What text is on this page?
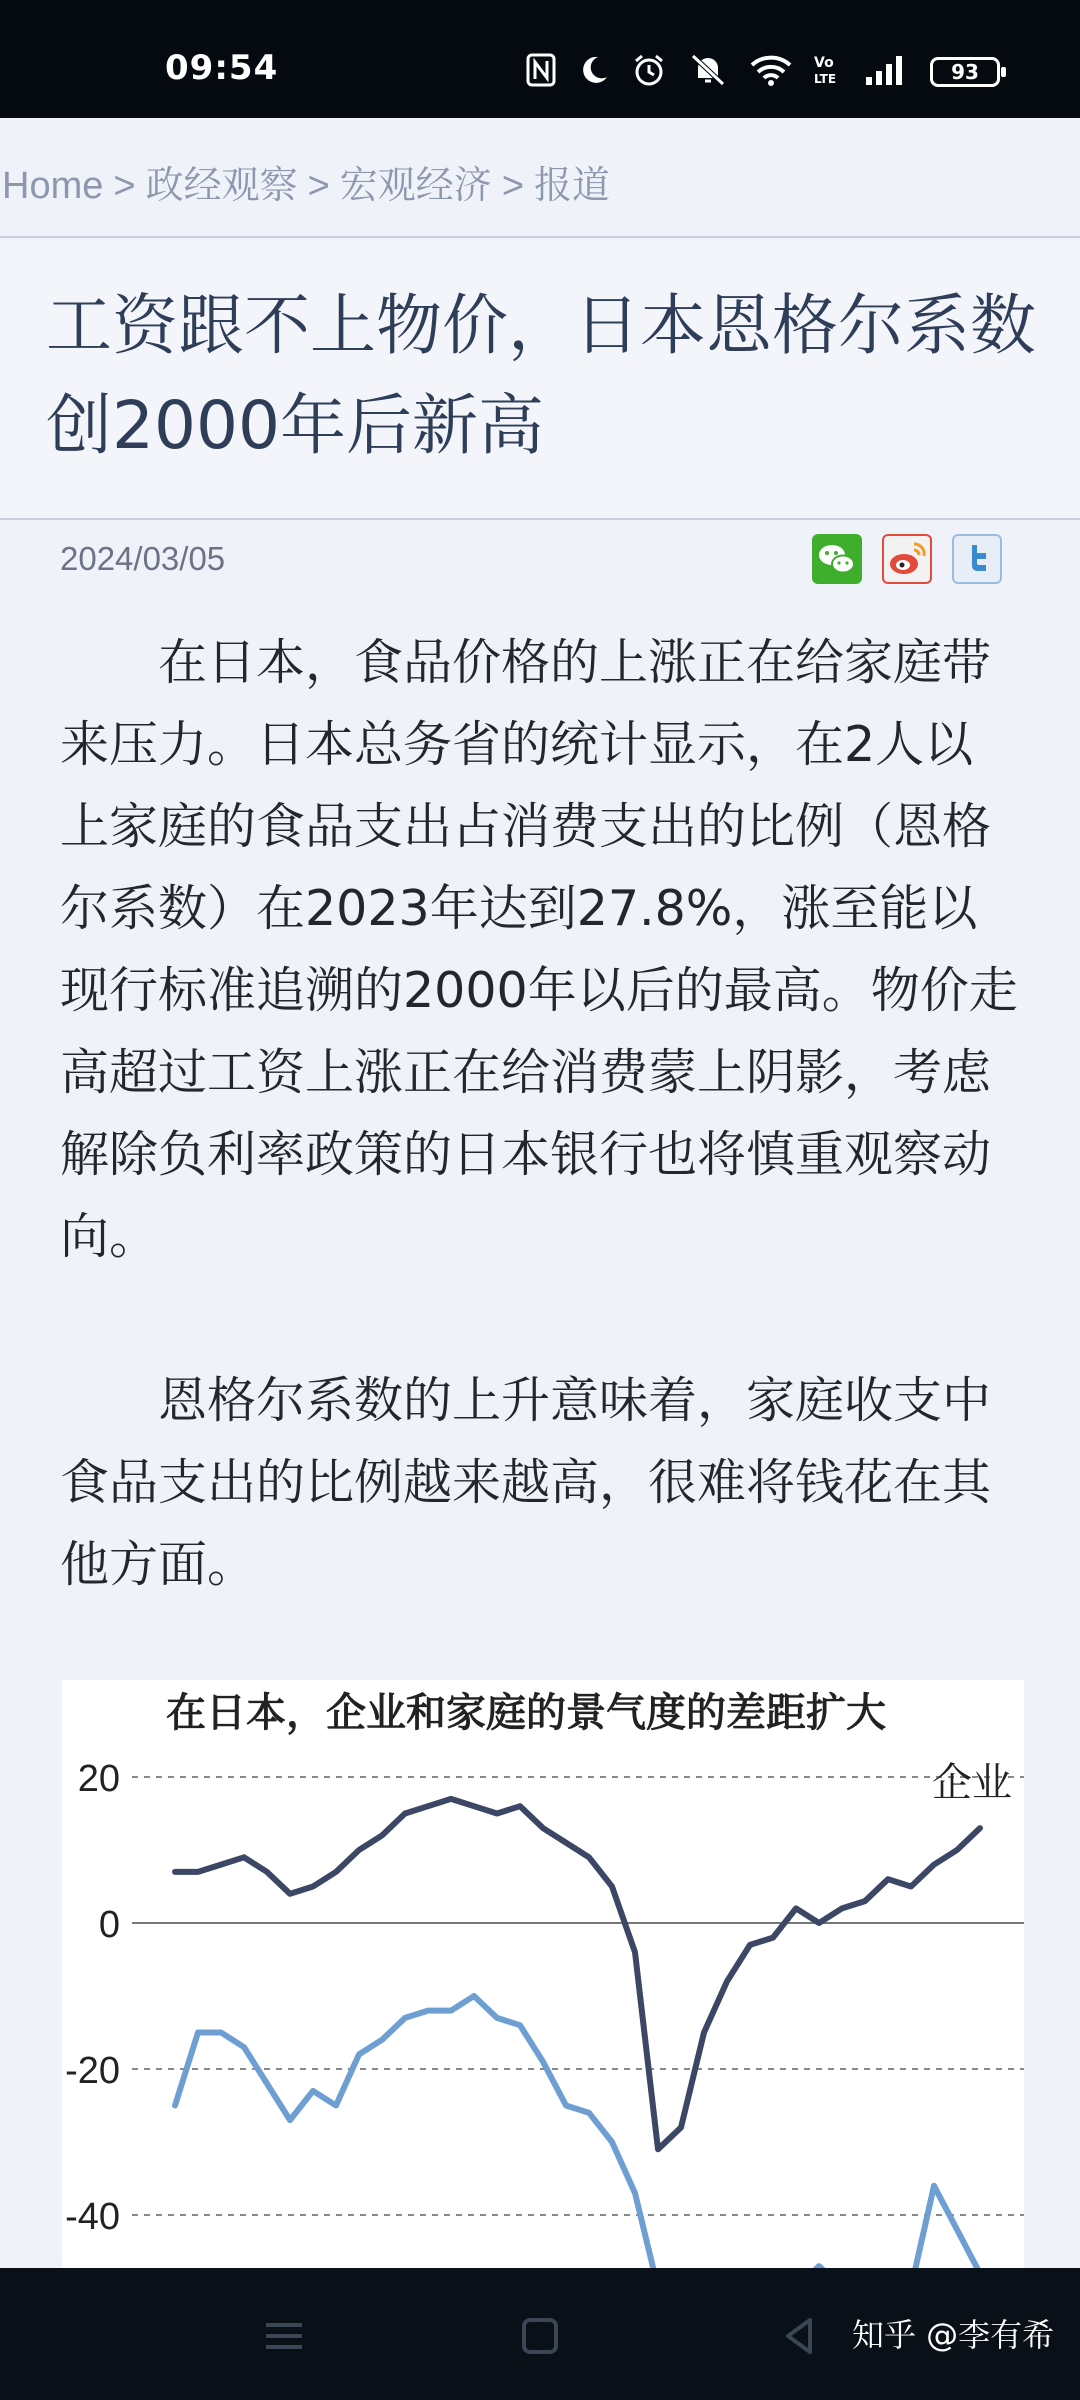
09:54	Vo
LTE	93
Home > 政经观察 > 宏观经济 > 报道
工资跟不上物价，日本恩格尔系数创2000年后新高
2024/03/05

在日本，食品价格的上涨正在给家庭带来压力。日本总务省的统计显示，在2人以上家庭的食品支出占消费支出的比例（恩格尔系数）在2023年达到27.8%，涨至能以现行标准追溯的2000年以后的最高。物价走高超过工资上涨正在给消费蒙上阴影，考虑解除负利率政策的日本银行也将慎重观察动向。

恩格尔系数的上升意味着，家庭收支中食品支出的比例越来越高，很难将钱花在其他方面。

在日本，企业和家庭的景气度的差距扩大
20
0
-20
-40
企业
知乎 @李有希
